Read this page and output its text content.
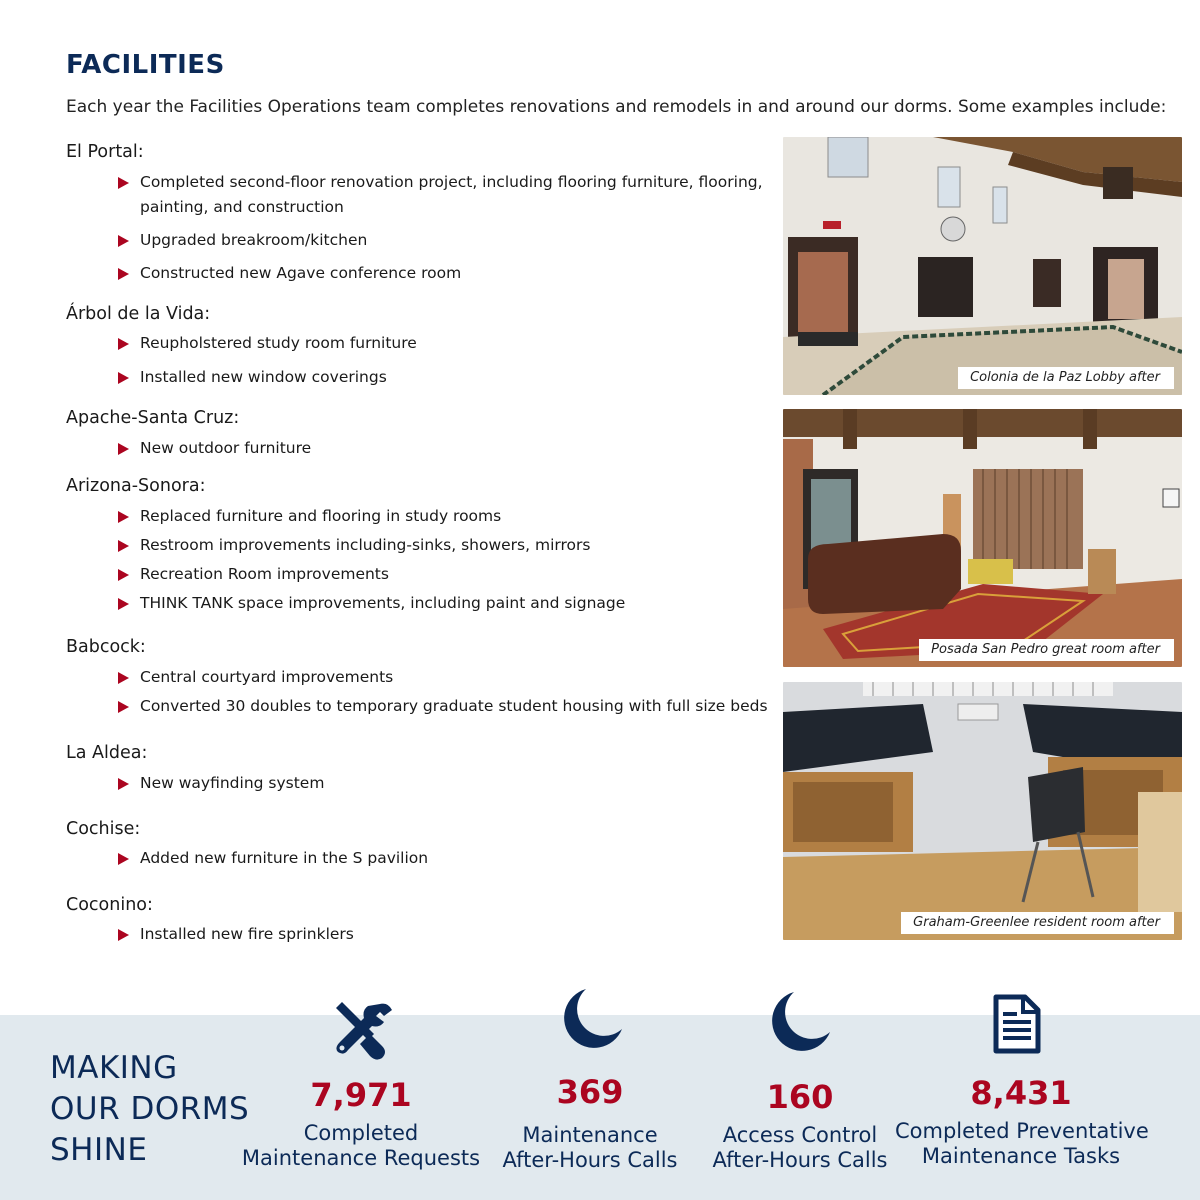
FACILITIES
Each year the Facilities Operations team completes renovations and remodels in and around our dorms. Some examples include:
El Portal:
Completed second-floor renovation project, including flooring furniture, flooring, painting, and construction
Upgraded breakroom/kitchen
Constructed new Agave conference room
Árbol de la Vida:
Reupholstered study room furniture
Installed new window coverings
Apache-Santa Cruz:
New outdoor furniture
Arizona-Sonora:
Replaced furniture and flooring in study rooms
Restroom improvements including-sinks, showers, mirrors
Recreation Room improvements
THINK TANK space improvements, including paint and signage
Babcock:
Central courtyard improvements
Converted 30 doubles to temporary graduate student housing with full size beds
La Aldea:
New wayfinding system
Cochise:
Added new furniture in the S pavilion
Coconino:
Installed new fire sprinklers
Colonia de la Paz Lobby after
Posada San Pedro great room after
Graham-Greenlee resident room after
MAKING
OUR DORMS
SHINE
7,971
Completed
Maintenance Requests
369
Maintenance
After-Hours Calls
160
Access Control
After-Hours Calls
8,431
Completed Preventative
Maintenance Tasks
